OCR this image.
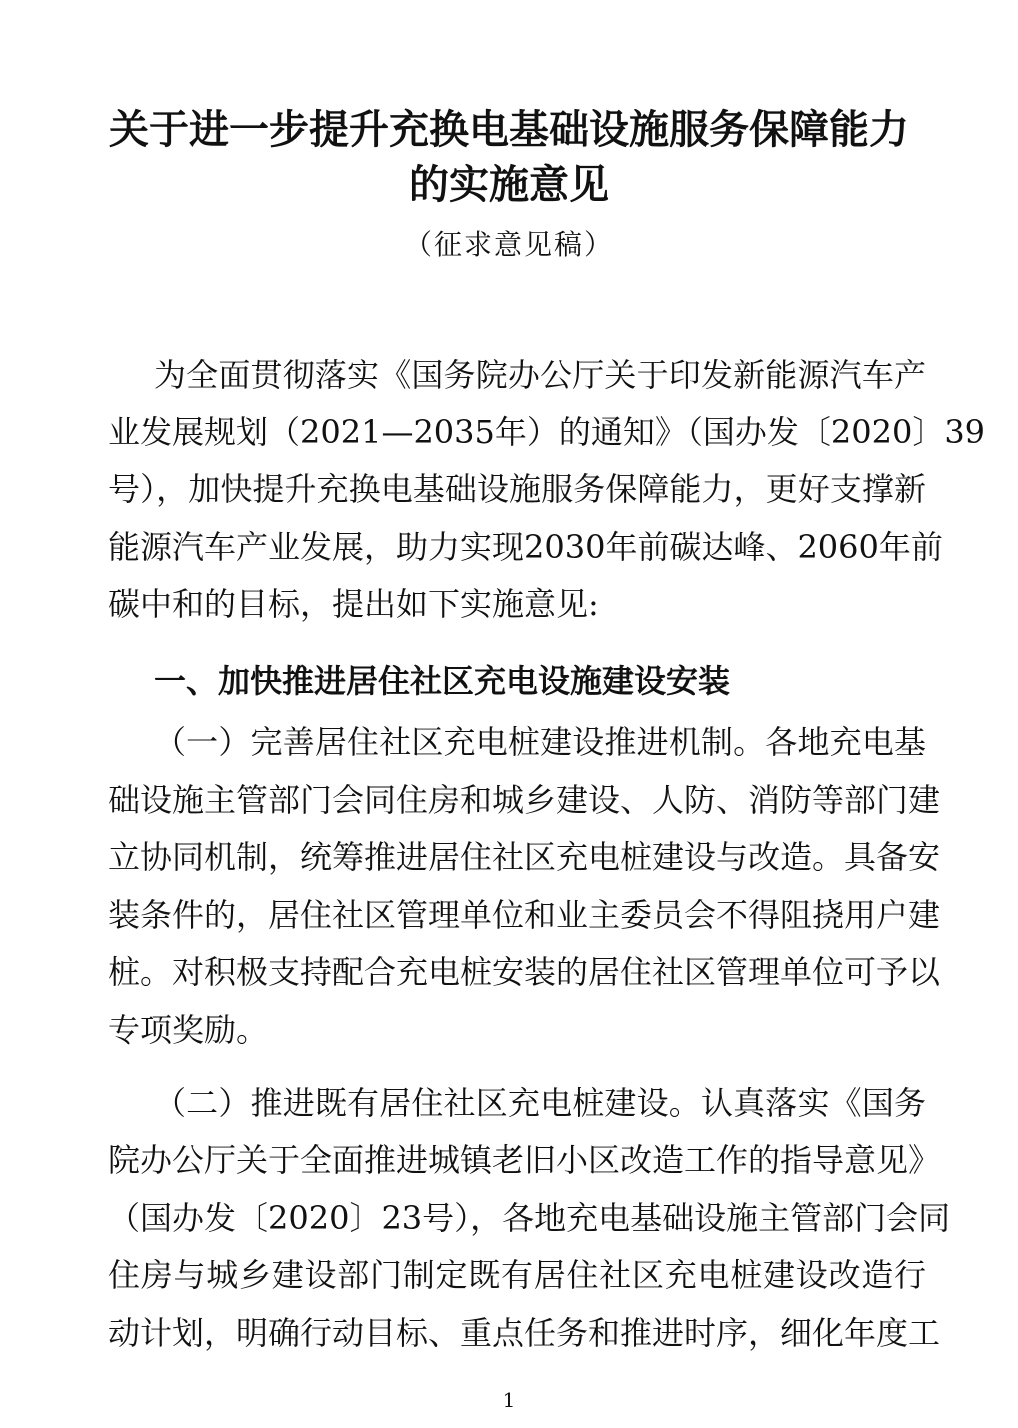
关于进一步提升充换电基础设施服务保障能力
的实施意见
（征求意见稿）
为全面贯彻落实《国务院办公厅关于印发新能源汽车产
业发展规划（2021—2035年）的通知》（国办发〔2020〕39
号），加快提升充换电基础设施服务保障能力，更好支撑新
能源汽车产业发展，助力实现2030年前碳达峰、2060年前
碳中和的目标，提出如下实施意见:
一、加快推进居住社区充电设施建设安装
（一）完善居住社区充电桩建设推进机制。各地充电基
础设施主管部门会同住房和城乡建设、人防、消防等部门建
立协同机制，统筹推进居住社区充电桩建设与改造。具备安
装条件的，居住社区管理单位和业主委员会不得阻挠用户建
桩。对积极支持配合充电桩安装的居住社区管理单位可予以
专项奖励。
（二）推进既有居住社区充电桩建设。认真落实《国务
院办公厅关于全面推进城镇老旧小区改造工作的指导意见》
（国办发〔2020〕23号），各地充电基础设施主管部门会同
住房与城乡建设部门制定既有居住社区充电桩建设改造行
动计划，明确行动目标、重点任务和推进时序，细化年度工
1
